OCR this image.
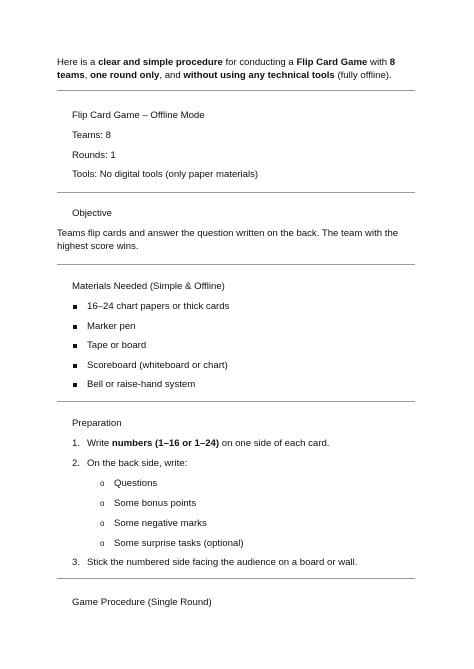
Here is a clear and simple procedure for conducting a Flip Card Game with 8 teams, one round only, and without using any technical tools (fully offline).
Flip Card Game – Offline Mode
Teams: 8
Rounds: 1
Tools: No digital tools (only paper materials)
Objective
Teams flip cards and answer the question written on the back. The team with the highest score wins.
Materials Needed (Simple & Offline)
16–24 chart papers or thick cards
Marker pen
Tape or board
Scoreboard (whiteboard or chart)
Bell or raise-hand system
Preparation
1. Write numbers (1–16 or 1–24) on one side of each card.
2. On the back side, write:
o Questions
o Some bonus points
o Some negative marks
o Some surprise tasks (optional)
3. Stick the numbered side facing the audience on a board or wall.
Game Procedure (Single Round)
